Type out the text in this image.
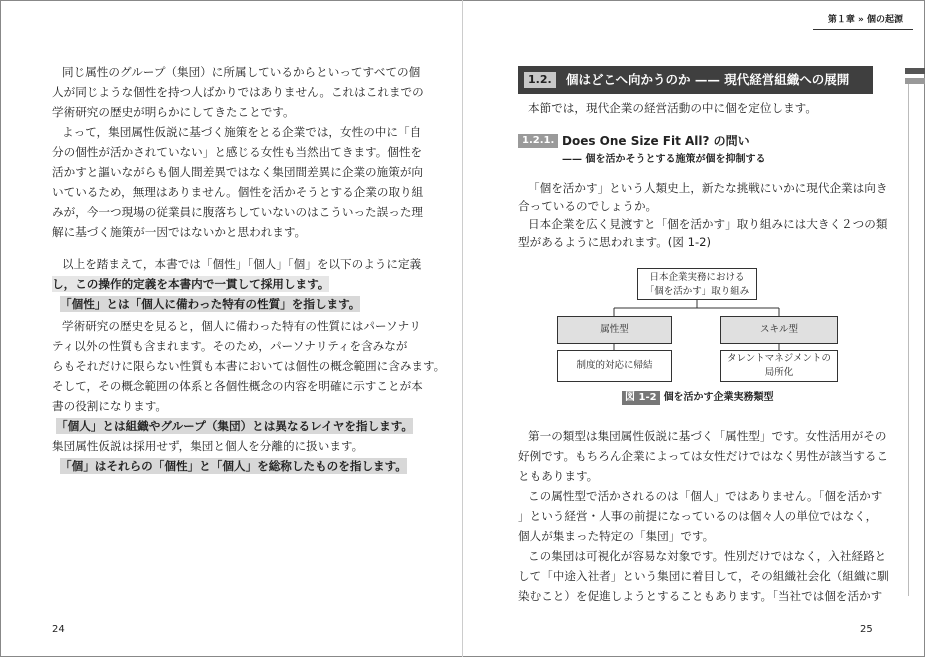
第１章 » 個の起源
同じ属性のグループ（集団）に所属しているからといってすべての個
人が同じような個性を持つ人ばかりではありません。これはこれまでの
学術研究の歴史が明らかにしてきたことです。
よって，集団属性仮説に基づく施策をとる企業では，女性の中に「自
分の個性が活かされていない」と感じる女性も当然出てきます。個性を
活かすと謳いながらも個人間差異ではなく集団間差異に企業の施策が向
いているため，無理はありません。個性を活かそうとする企業の取り組
みが，今一つ現場の従業員に腹落ちしていないのはこういった誤った理
解に基づく施策が一因ではないかと思われます。
以上を踏まえて，本書では「個性」「個人」「個」を以下のように定義
し，この操作的定義を本書内で一貫して採用します。
「個性」とは「個人に備わった特有の性質」を指します。
学術研究の歴史を見ると，個人に備わった特有の性質にはパーソナリ
ティ以外の性質も含まれます。そのため，パーソナリティを含みなが
らもそれだけに限らない性質も本書においては個性の概念範囲に含みます。
そして，その概念範囲の体系と各個性概念の内容を明確に示すことが本
書の役割になります。
「個人」とは組織やグループ（集団）とは異なるレイヤを指します。
集団属性仮説は採用せず，集団と個人を分離的に扱います。
「個」はそれらの「個性」と「個人」を総称したものを指します。
24
1.2.	個はどこへ向かうのか —— 現代経営組織への展開
本節では，現代企業の経営活動の中に個を定位します。
1.2.1. Does One Size Fit All? の問い
—— 個を活かそうとする施策が個を抑制する
「個を活かす」という人類史上，新たな挑戦にいかに現代企業は向き
合っているのでしょうか。
日本企業を広く見渡すと「個を活かす」取り組みには大きく２つの類
型があるように思われます。(図 1-2)
日本企業実務における
「個を活かす」取り組み
属性型	スキル型
制度的対応に帰結
タレントマネジメントの
局所化
図 1-2 個を活かす企業実務類型
第一の類型は集団属性仮説に基づく「属性型」です。女性活用がその
好例です。もちろん企業によっては女性だけではなく男性が該当するこ
ともあります。
この属性型で活かされるのは「個人」ではありません。「個を活かす
」という経営・人事の前提になっているのは個々人の単位ではなく，
個人が集まった特定の「集団」です。
この集団は可視化が容易な対象です。性別だけではなく，入社経路と
して「中途入社者」という集団に着目して，その組織社会化（組織に馴
染むこと）を促進しようとすることもあります。「当社では個を活かす
25
